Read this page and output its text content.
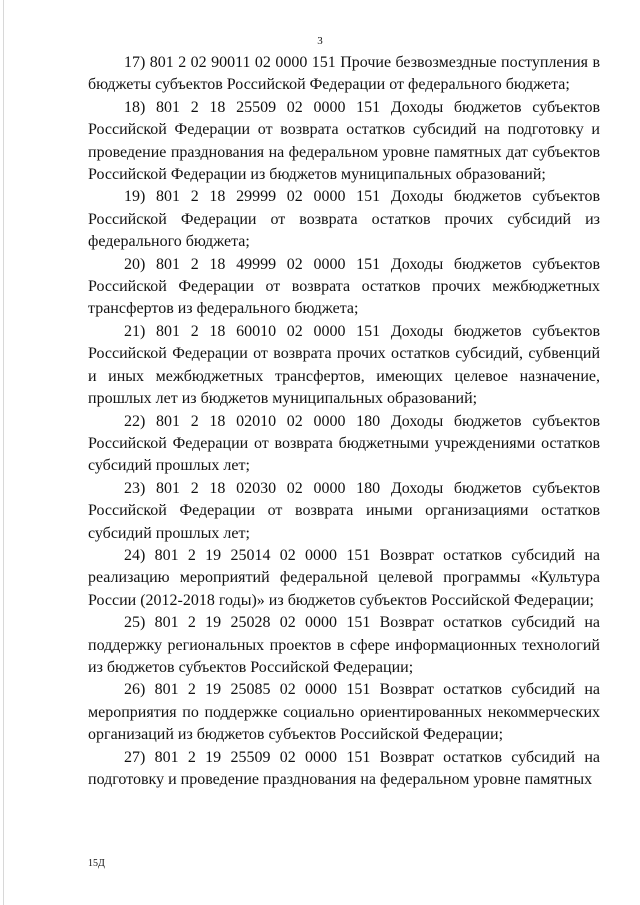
3

17) 801 2 02 90011 02 0000 151 Прочие безвозмездные поступления в бюджеты субъектов Российской Федерации от федерального бюджета;

18) 801 2 18 25509 02 0000 151 Доходы бюджетов субъектов Российской Федерации от возврата остатков субсидий на подготовку и проведение празднования на федеральном уровне памятных дат субъектов Российской Федерации из бюджетов муниципальных образований;

19) 801 2 18 29999 02 0000 151 Доходы бюджетов субъектов Российской Федерации от возврата остатков прочих субсидий из федерального бюджета;

20) 801 2 18 49999 02 0000 151 Доходы бюджетов субъектов Российской Федерации от возврата остатков прочих межбюджетных трансфертов из федерального бюджета;

21) 801 2 18 60010 02 0000 151 Доходы бюджетов субъектов Российской Федерации от возврата прочих остатков субсидий, субвенций и иных межбюджетных трансфертов, имеющих целевое назначение, прошлых лет из бюджетов муниципальных образований;

22) 801 2 18 02010 02 0000 180 Доходы бюджетов субъектов Российской Федерации от возврата бюджетными учреждениями остатков субсидий прошлых лет;

23) 801 2 18 02030 02 0000 180 Доходы бюджетов субъектов Российской Федерации от возврата иными организациями остатков субсидий прошлых лет;

24) 801 2 19 25014 02 0000 151 Возврат остатков субсидий на реализацию мероприятий федеральной целевой программы «Культура России (2012-2018 годы)» из бюджетов субъектов Российской Федерации;

25) 801 2 19 25028 02 0000 151 Возврат остатков субсидий на поддержку региональных проектов в сфере информационных технологий из бюджетов субъектов Российской Федерации;

26) 801 2 19 25085 02 0000 151 Возврат остатков субсидий на мероприятия по поддержке социально ориентированных некоммерческих организаций из бюджетов субъектов Российской Федерации;

27) 801 2 19 25509 02 0000 151 Возврат остатков субсидий на подготовку и проведение празднования на федеральном уровне памятных

15Д
